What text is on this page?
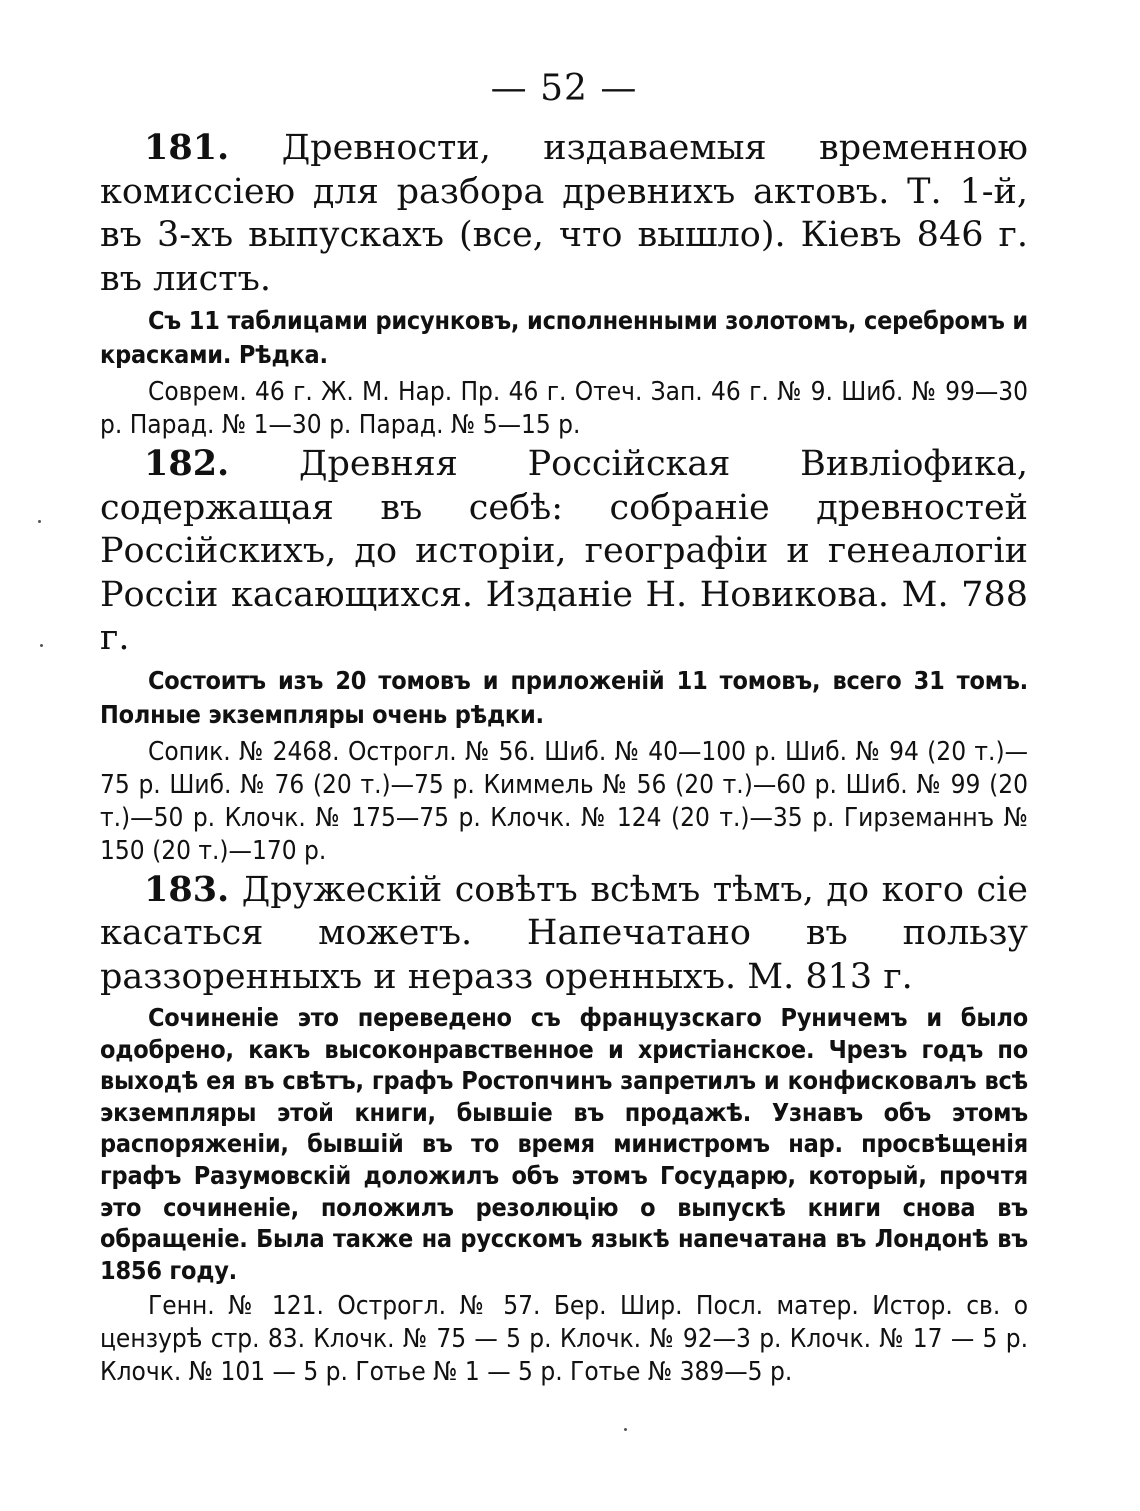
— 52 —

181. Древности, издаваемыя временною комиссіею для разбора древнихъ актовъ. Т. 1-й, въ 3-хъ выпускахъ (все, что вышло). Кіевъ 846 г. въ листъ.

Съ 11 таблицами рисунковъ, исполненными золотомъ, серебромъ и красками. Рѣдка.

Соврем. 46 г. Ж. М. Нар. Пр. 46 г. Отеч. Зап. 46 г. № 9. Шиб. № 99—30 р. Парад. № 1—30 р. Парад. № 5—15 р.

182. Древняя Россійская Вивліофика, содержащая въ себѣ: собраніе древностей Россійскихъ, до исторіи, географіи и генеалогіи Россіи касающихся. Изданіе Н. Новикова. М. 788 г.

Состоитъ изъ 20 томовъ и приложеній 11 томовъ, всего 31 томъ. Полные экземпляры очень рѣдки.

Сопик. № 2468. Острогл. № 56. Шиб. № 40—100 р. Шиб. № 94 (20 т.)—75 р. Шиб. № 76 (20 т.)—75 р. Киммель № 56 (20 т.)—60 р. Шиб. № 99 (20 т.)—50 р. Клочк. № 175—75 р. Клочк. № 124 (20 т.)—35 р. Гирземаннъ № 150 (20 т.)—170 р.

183. Дружескій совѣтъ всѣмъ тѣмъ, до кого сіе касаться можетъ. Напечатано въ пользу раззоренныхъ и неразз оренныхъ. М. 813 г.

Сочиненіе это переведено съ французскаго Руничемъ и было одобрено, какъ высоконравственное и христіанское. Чрезъ годъ по выходѣ ея въ свѣтъ, графъ Ростопчинъ запретилъ и конфисковалъ всѣ экземпляры этой книги, бывшіе въ продажѣ. Узнавъ объ этомъ распоряженіи, бывшій въ то время министромъ нар. просвѣщенія графъ Разумовскій доложилъ объ этомъ Государю, который, прочтя это сочиненіе, положилъ резолюцію о выпускѣ книги снова въ обращеніе. Была также на русскомъ языкѣ напечатана въ Лондонѣ въ 1856 году.

Генн. № 121. Острогл. № 57. Бер. Шир. Посл. матер. Истор. св. о цензурѣ стр. 83. Клочк. № 75 — 5 р. Клочк. № 92—3 р. Клочк. № 17 — 5 р. Клочк. № 101 — 5 р. Готье № 1 — 5 р. Готье № 389—5 р.
